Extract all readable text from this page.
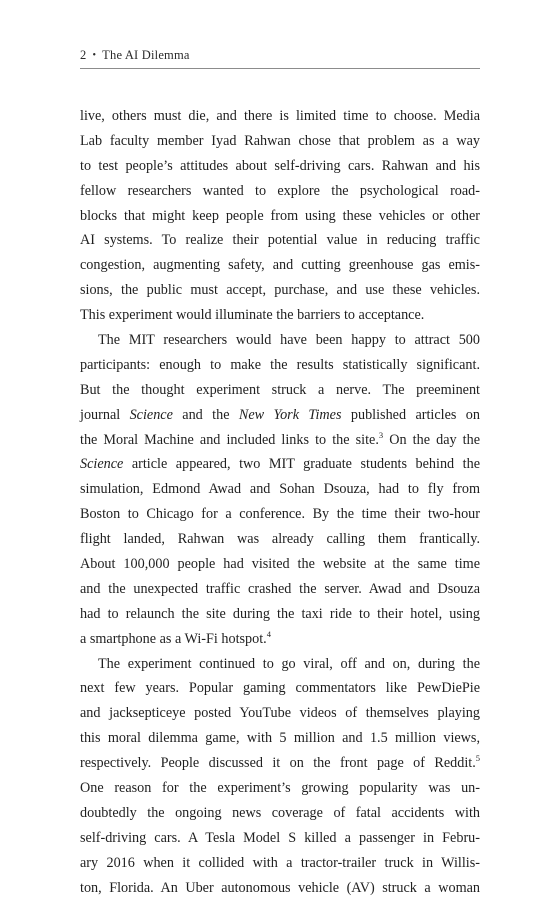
2 • The AI Dilemma
live, others must die, and there is limited time to choose. Media
Lab faculty member Iyad Rahwan chose that problem as a way
to test people’s attitudes about self-driving cars. Rahwan and his
fellow researchers wanted to explore the psychological road-
blocks that might keep people from using these vehicles or other
AI systems. To realize their potential value in reducing traffic
congestion, augmenting safety, and cutting greenhouse gas emis-
sions, the public must accept, purchase, and use these vehicles.
This experiment would illuminate the barriers to acceptance.
The MIT researchers would have been happy to attract 500
participants: enough to make the results statistically significant.
But the thought experiment struck a nerve. The preeminent
journal Science and the New York Times published articles on
the Moral Machine and included links to the site.$^3$ On the day the
Science article appeared, two MIT graduate students behind the
simulation, Edmond Awad and Sohan Dsouza, had to fly from
Boston to Chicago for a conference. By the time their two-hour
flight landed, Rahwan was already calling them frantically.
About 100,000 people had visited the website at the same time
and the unexpected traffic crashed the server. Awad and Dsouza
had to relaunch the site during the taxi ride to their hotel, using
a smartphone as a Wi-Fi hotspot.$^4$
The experiment continued to go viral, off and on, during the
next few years. Popular gaming commentators like PewDiePie
and jacksepticeye posted YouTube videos of themselves playing
this moral dilemma game, with 5 million and 1.5 million views,
respectively. People discussed it on the front page of Reddit.$^5$
One reason for the experiment’s growing popularity was un-
doubtedly the ongoing news coverage of fatal accidents with
self-driving cars. A Tesla Model S killed a passenger in Febru-
ary 2016 when it collided with a tractor-trailer truck in Willis-
ton, Florida. An Uber autonomous vehicle (AV) struck a woman
